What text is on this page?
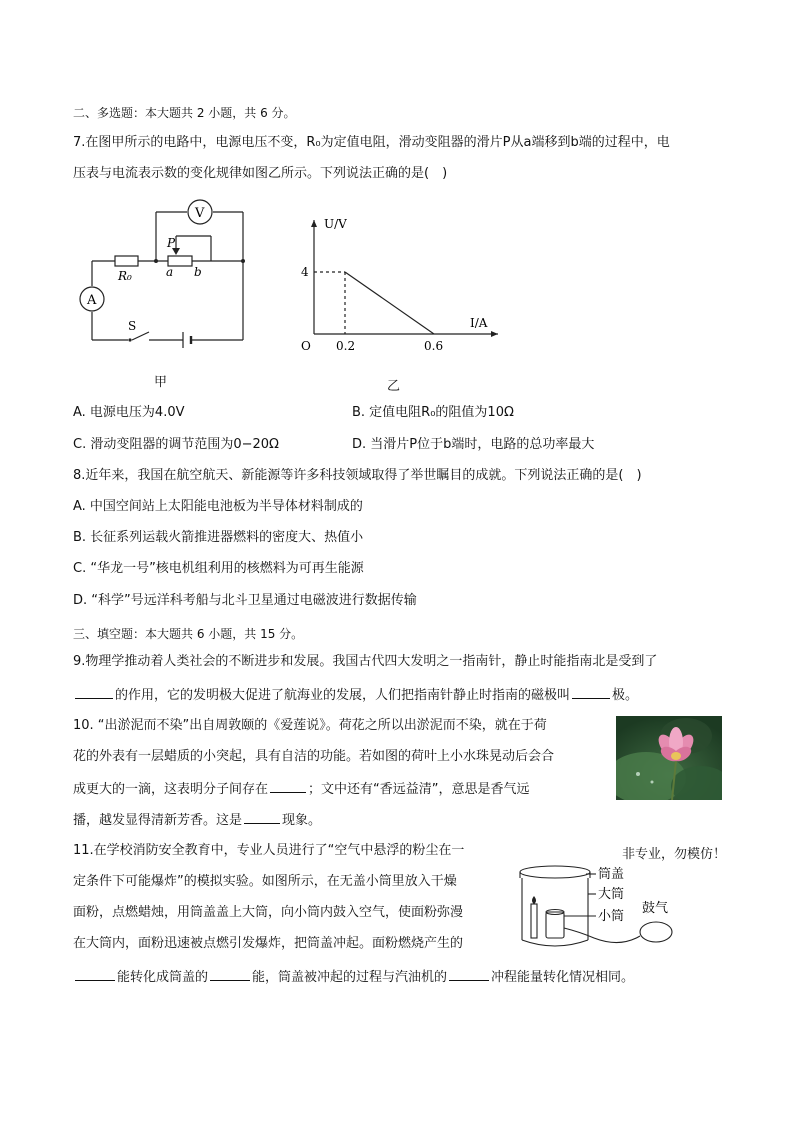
二、多选题：本大题共 2 小题，共 6 分。
7.在图甲所示的电路中，电源电压不变，R₀为定值电阻，滑动变阻器的滑片P从a端移到b端的过程中，电
压表与电流表示数的变化规律如图乙所示。下列说法正确的是(　)
V
A
P
R₀	a b
S
甲
U/V
I/A
O
4
0.2	0.6
乙
A. 电源电压为4.0V	B. 定值电阻R₀的阻值为10Ω
C. 滑动变阻器的调节范围为0−20Ω	D. 当滑片P位于b端时，电路的总功率最大
8.近年来，我国在航空航天、新能源等许多科技领域取得了举世瞩目的成就。下列说法正确的是(　)
A. 中国空间站上太阳能电池板为半导体材料制成的
B. 长征系列运载火箭推进器燃料的密度大、热值小
C. “华龙一号”核电机组利用的核燃料为可再生能源
D. “科学”号远洋科考船与北斗卫星通过电磁波进行数据传输
三、填空题：本大题共 6 小题，共 15 分。
9.物理学推动着人类社会的不断进步和发展。我国古代四大发明之一指南针，静止时能指南北是受到了
的作用，它的发明极大促进了航海业的发展，人们把指南针静止时指南的磁极叫	极。
10. “出淤泥而不染”出自周敦颐的《爱莲说》。荷花之所以出淤泥而不染，就在于荷
花的外表有一层蜡质的小突起，具有自洁的功能。若如图的荷叶上小水珠晃动后会合
成更大的一滴，这表明分子间存在	；文中还有“香远益清”，意思是香气远
播，越发显得清新芳香。这是	现象。
11.在学校消防安全教育中，专业人员进行了“空气中悬浮的粉尘在一
定条件下可能爆炸”的模拟实验。如图所示，在无盖小筒里放入干燥
面粉，点燃蜡烛，用筒盖盖上大筒，向小筒内鼓入空气，使面粉弥漫
在大筒内，面粉迅速被点燃引发爆炸，把筒盖冲起。面粉燃烧产生的
能转化成筒盖的	能，筒盖被冲起的过程与汽油机的	冲程能量转化情况相同。
非专业，勿模仿！
筒盖
大筒
小筒
鼓气
